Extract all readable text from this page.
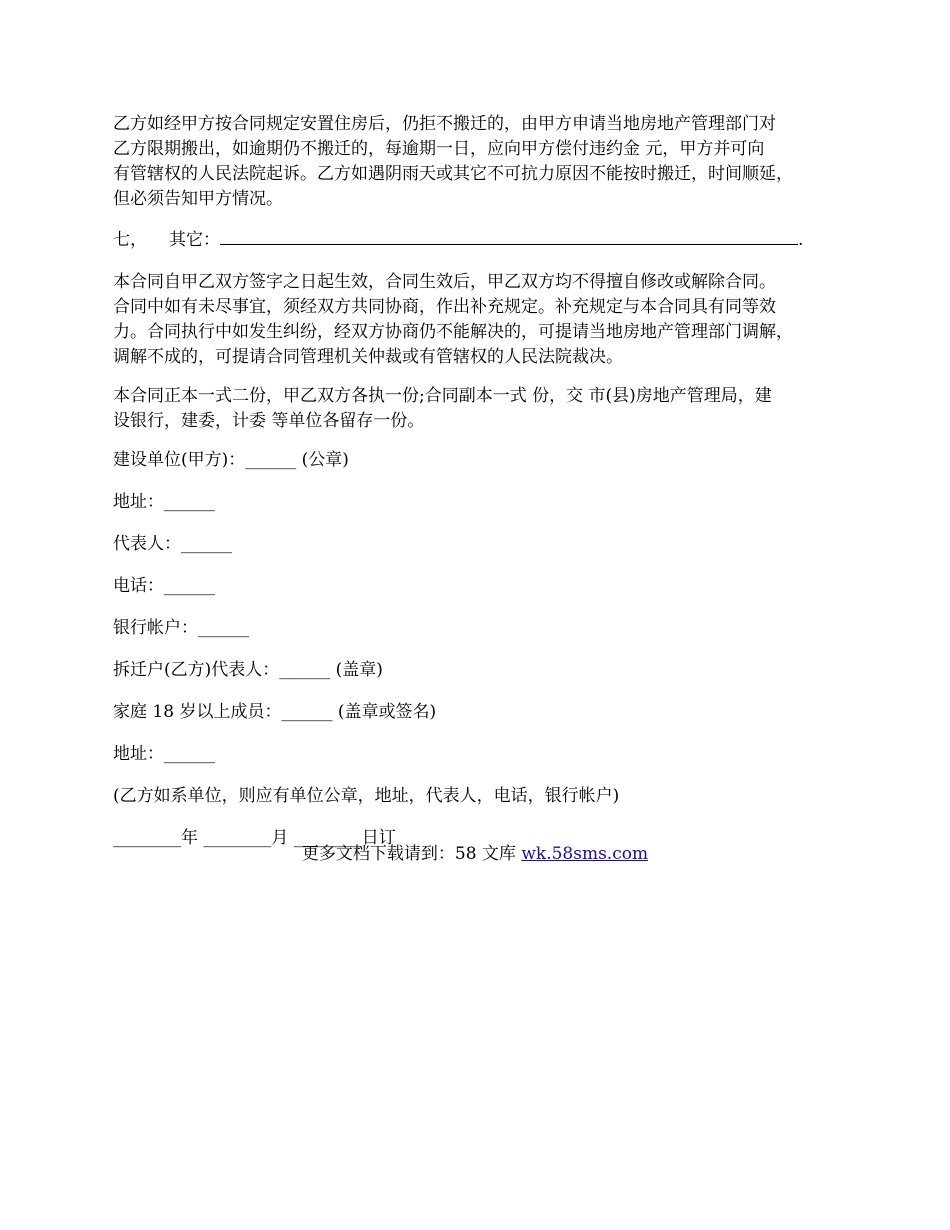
乙方如经甲方按合同规定安置住房后，仍拒不搬迁的，由甲方申请当地房地产管理部门对
乙方限期搬出，如逾期仍不搬迁的，每逾期一日，应向甲方偿付违约金 元，甲方并可向
有管辖权的人民法院起诉。乙方如遇阴雨天或其它不可抗力原因不能按时搬迁，时间顺延，
但必须告知甲方情况。
七， 其它：	.
本合同自甲乙双方签字之日起生效，合同生效后，甲乙双方均不得擅自修改或解除合同。
合同中如有未尽事宜，须经双方共同协商，作出补充规定。补充规定与本合同具有同等效
力。合同执行中如发生纠纷，经双方协商仍不能解决的，可提请当地房地产管理部门调解，
调解不成的，可提请合同管理机关仲裁或有管辖权的人民法院裁决。
本合同正本一式二份，甲乙双方各执一份;合同副本一式 份，交 市(县)房地产管理局，建
设银行，建委，计委 等单位各留存一份。
建设单位(甲方)：______ (公章)
地址：______
代表人：______
电话：______
银行帐户：______
拆迁户(乙方)代表人：______ (盖章)
家庭 18 岁以上成员：______ (盖章或签名)
地址：______
(乙方如系单位，则应有单位公章，地址，代表人，电话，银行帐户)
________年 ________月 ________日订
更多文档下载请到：58 文库 wk.58sms.com
